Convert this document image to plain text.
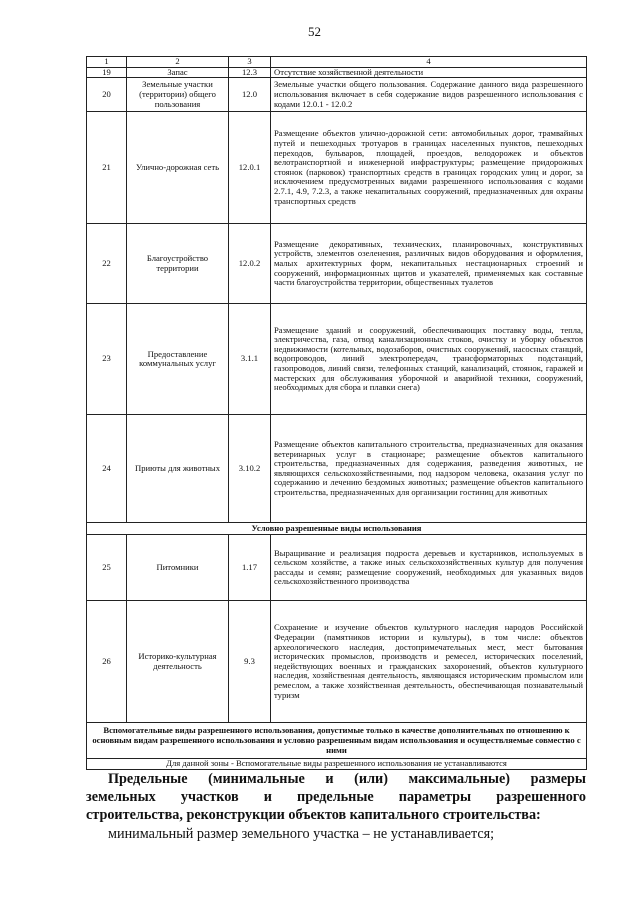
52
1	2	3	4
19	Запас	12.3	Отсутствие хозяйственной деятельности
20	Земельные участки (территории) общего пользования	12.0	Земельные участки общего пользования. Содержание данного вида разрешенного использования включает в себя содержание видов разрешенного использования с кодами 12.0.1 - 12.0.2
21	Улично-дорожная сеть	12.0.1	Размещение объектов улично-дорожной сети: автомобильных дорог, трамвайных путей и пешеходных тротуаров в границах населенных пунктов, пешеходных переходов, бульваров, площадей, проездов, велодорожек и объектов велотранспортной и инженерной инфраструктуры; размещение придорожных стоянок (парковок) транспортных средств в границах городских улиц и дорог, за исключением предусмотренных видами разрешенного использования с кодами 2.7.1, 4.9, 7.2.3, а также некапитальных сооружений, предназначенных для охраны транспортных средств
22	Благоустройство территории	12.0.2	Размещение декоративных, технических, планировочных, конструктивных устройств, элементов озеленения, различных видов оборудования и оформления, малых архитектурных форм, некапитальных нестационарных строений и сооружений, информационных щитов и указателей, применяемых как составные части благоустройства территории, общественных туалетов
23	Предоставление коммунальных услуг	3.1.1	Размещение зданий и сооружений, обеспечивающих поставку воды, тепла, электричества, газа, отвод канализационных стоков, очистку и уборку объектов недвижимости (котельных, водозаборов, очистных сооружений, насосных станций, водопроводов, линий электропередач, трансформаторных подстанций, газопроводов, линий связи, телефонных станций, канализаций, стоянок, гаражей и мастерских для обслуживания уборочной и аварийной техники, сооружений, необходимых для сбора и плавки снега)
24	Приюты для животных	3.10.2	Размещение объектов капитального строительства, предназначенных для оказания ветеринарных услуг в стационаре; размещение объектов капитального строительства, предназначенных для содержания, разведения животных, не являющихся сельскохозяйственными, под надзором человека, оказания услуг по содержанию и лечению бездомных животных; размещение объектов капитального строительства, предназначенных для организации гостиниц для животных
Условно разрешенные виды использования			
25	Питомники	1.17	Выращивание и реализация подроста деревьев и кустарников, используемых в сельском хозяйстве, а также иных сельскохозяйственных культур для получения рассады и семян; размещение сооружений, необходимых для указанных видов сельскохозяйственного производства
26	Историко-культурная деятельность	9.3	Сохранение и изучение объектов культурного наследия народов Российской Федерации (памятников истории и культуры), в том числе: объектов археологического наследия, достопримечательных мест, мест бытования исторических промыслов, производств и ремесел, исторических поселений, недействующих военных и гражданских захоронений, объектов культурного наследия, хозяйственная деятельность, являющаяся историческим промыслом или ремеслом, а также хозяйственная деятельность, обеспечивающая познавательный туризм
Вспомогательные виды разрешенного использования, допустимые только в качестве дополнительных по отношению к основным видам разрешенного использования и условно разрешенным видам использования и осуществляемые совместно с ними			
Для данной зоны - Вспомогательные виды разрешенного использования не устанавливаются			
Предельные (минимальные и (или) максимальные) размеры
земельных участков и предельные параметры разрешенного
строительства, реконструкции объектов капитального строительства:
минимальный размер земельного участка – не устанавливается;
